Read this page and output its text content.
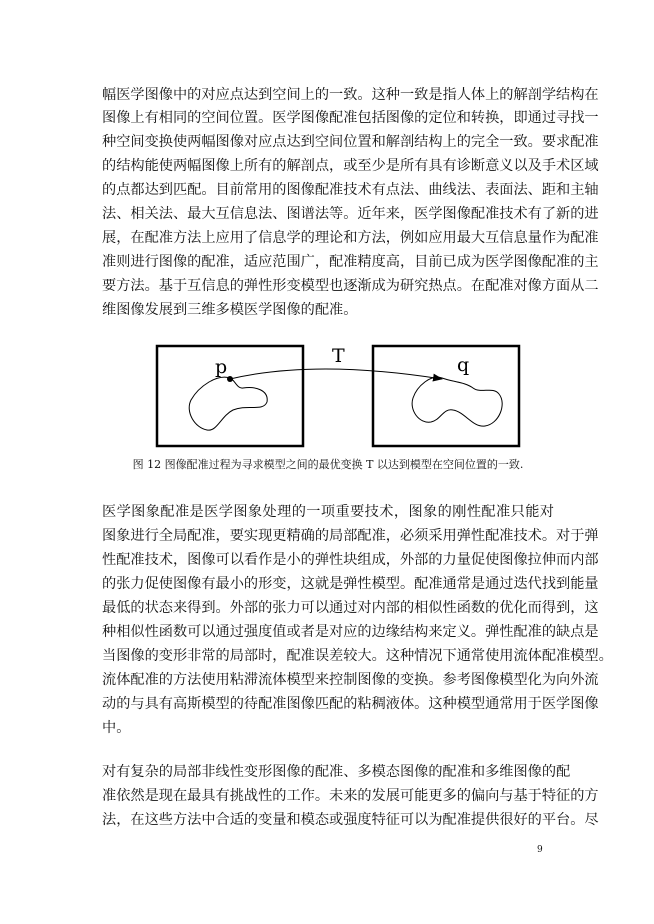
幅医学图像中的对应点达到空间上的一致。这种一致是指人体上的解剖学结构在
图像上有相同的空间位置。医学图像配准包括图像的定位和转换，即通过寻找一
种空间变换使两幅图像对应点达到空间位置和解剖结构上的完全一致。要求配准
的结构能使两幅图像上所有的解剖点，或至少是所有具有诊断意义以及手术区域
的点都达到匹配。目前常用的图像配准技术有点法、曲线法、表面法、距和主轴
法、相关法、最大互信息法、图谱法等。近年来，医学图像配准技术有了新的进
展，在配准方法上应用了信息学的理论和方法，例如应用最大互信息量作为配准
准则进行图像的配准，适应范围广，配准精度高，目前已成为医学图像配准的主
要方法。基于互信息的弹性形变模型也逐渐成为研究热点。在配准对像方面从二
维图像发展到三维多模医学图像的配准。
p	q
T
图 12 图像配准过程为寻求模型之间的最优变换 T 以达到模型在空间位置的一致.
医学图象配准是医学图象处理的一项重要技术，图象的刚性配准只能对
图象进行全局配准，要实现更精确的局部配准，必须采用弹性配准技术。对于弹
性配准技术，图像可以看作是小的弹性块组成，外部的力量促使图像拉伸而内部
的张力促使图像有最小的形变，这就是弹性模型。配准通常是通过迭代找到能量
最低的状态来得到。外部的张力可以通过对内部的相似性函数的优化而得到，这
种相似性函数可以通过强度值或者是对应的边缘结构来定义。弹性配准的缺点是
当图像的变形非常的局部时，配准误差较大。这种情况下通常使用流体配准模型。
流体配准的方法使用粘滞流体模型来控制图像的变换。参考图像模型化为向外流
动的与具有高斯模型的待配准图像匹配的粘稠液体。这种模型通常用于医学图像
中。
对有复杂的局部非线性变形图像的配准、多模态图像的配准和多维图像的配
准依然是现在最具有挑战性的工作。未来的发展可能更多的偏向与基于特征的方
法，在这些方法中合适的变量和模态或强度特征可以为配准提供很好的平台。尽
9
